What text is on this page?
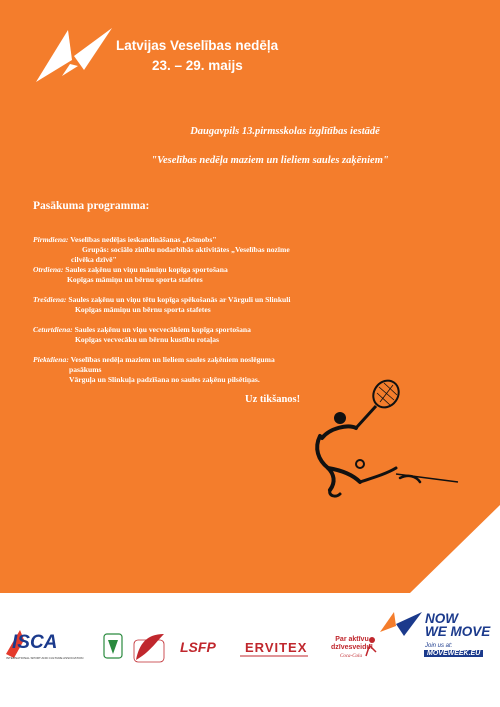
Latvijas Veselības nedēļa
23. – 29. maijs
Daugavpils 13.pirmsskolas izglītības iestādē
"Veselības nedēļa maziem un lieliem saules zaķēniem"
Pasākuma programma:
Pirmdiena: Veselības nedēļas ieskandināšanas „fešmobs"
Grupās: sociālo zinību nodarbībās aktivitātes „Veselības nozīme
cilvēka dzīvē"
Otrdiena: Saules zaķēnu un viņu māmiņu kopīga sportošana
Kopīgas māmiņu un bērnu sporta stafetes
Trešdiena: Saules zaķēnu un viņu tētu kopīga spēkošanās ar Vārguli un Slinkuli
Kopīgas māmiņu un bērnu sporta stafetes
Ceturtdiena: Saules zaķēnu un viņu vecvecākiem kopīga sportošana
Kopīgas vecvecāku un bērnu kustību rotaļas
Piektdiena: Veselības nedēļa maziem un lieliem saules zaķēniem noslēguma
pasākums
Vārguļa un Slinkuļa padzīšana no saules zaķēnu pilsētiņas.
Uz tikšanos!
ISCA
INTERNATIONAL SPORT AND CULTURE ASSOCIATION
LSFP ERVITEX
Par aktīvu dzīvesveidu!
Coca-Cola
NOW
WE MOVE
Join us at:
MOVEWEEK.EU
